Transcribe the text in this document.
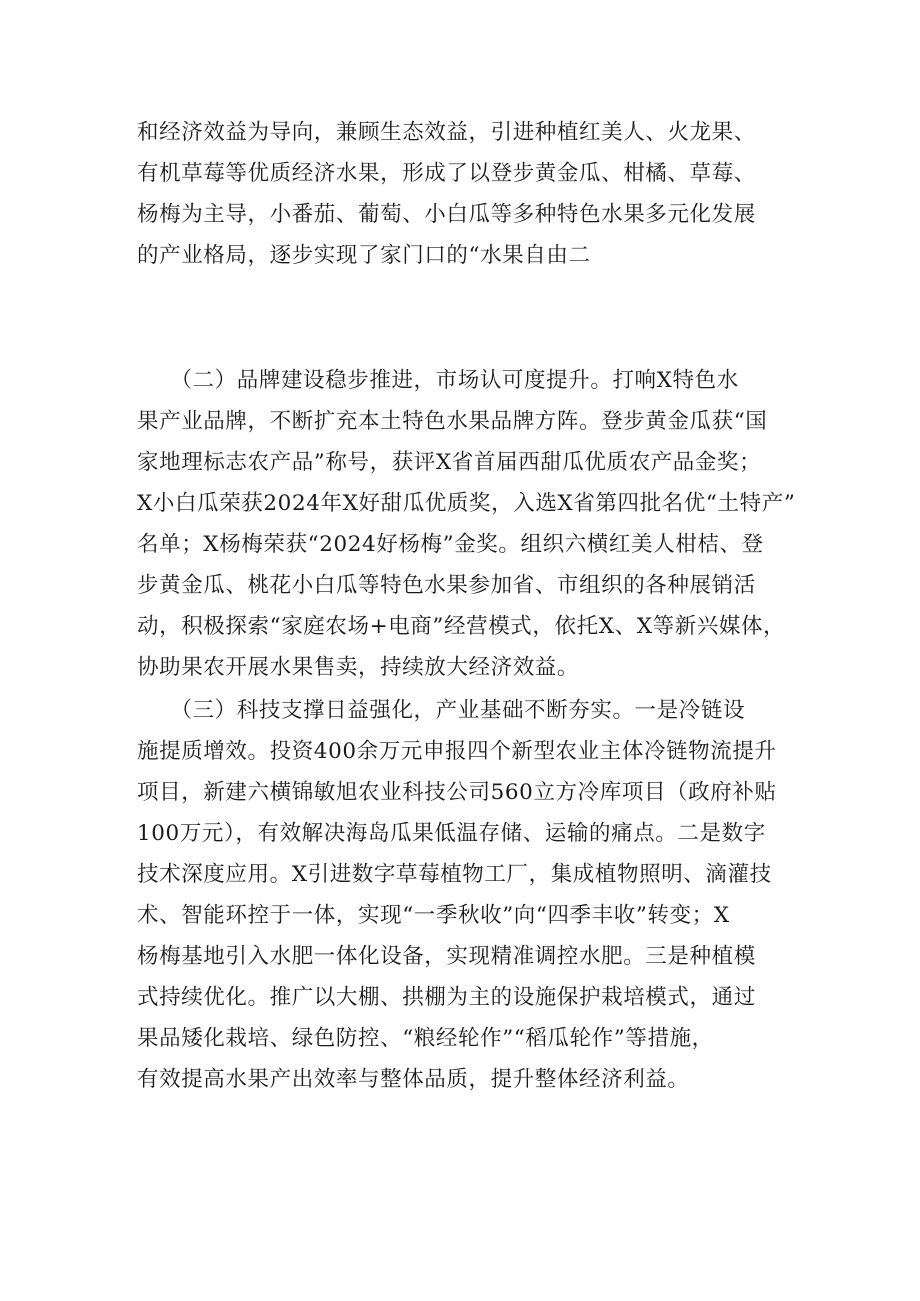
和经济效益为导向，兼顾生态效益，引进种植红美人、火龙果、
有机草莓等优质经济水果，形成了以登步黄金瓜、柑橘、草莓、
杨梅为主导，小番茄、葡萄、小白瓜等多种特色水果多元化发展
的产业格局，逐步实现了家门口的“水果自由二
　　（二）品牌建设稳步推进，市场认可度提升。打响X特色水
果产业品牌，不断扩充本土特色水果品牌方阵。登步黄金瓜获“国
家地理标志农产品”称号，获评X省首届西甜瓜优质农产品金奖；
X小白瓜荣获2024年X好甜瓜优质奖，入选X省第四批名优“土特产”
名单；X杨梅荣获“2024好杨梅”金奖。组织六横红美人柑桔、登
步黄金瓜、桃花小白瓜等特色水果参加省、市组织的各种展销活
动，积极探索“家庭农场+电商”经营模式，依托X、X等新兴媒体，
协助果农开展水果售卖，持续放大经济效益。
　　（三）科技支撑日益强化，产业基础不断夯实。一是冷链设
施提质增效。投资400余万元申报四个新型农业主体冷链物流提升
项目，新建六横锦敏旭农业科技公司560立方冷库项目（政府补贴
100万元），有效解决海岛瓜果低温存储、运输的痛点。二是数字
技术深度应用。X引进数字草莓植物工厂，集成植物照明、滴灌技
术、智能环控于一体，实现“一季秋收”向“四季丰收”转变；X
杨梅基地引入水肥一体化设备，实现精准调控水肥。三是种植模
式持续优化。推广以大棚、拱棚为主的设施保护栽培模式，通过
果品矮化栽培、绿色防控、“粮经轮作”“稻瓜轮作”等措施，
有效提高水果产出效率与整体品质，提升整体经济利益。
